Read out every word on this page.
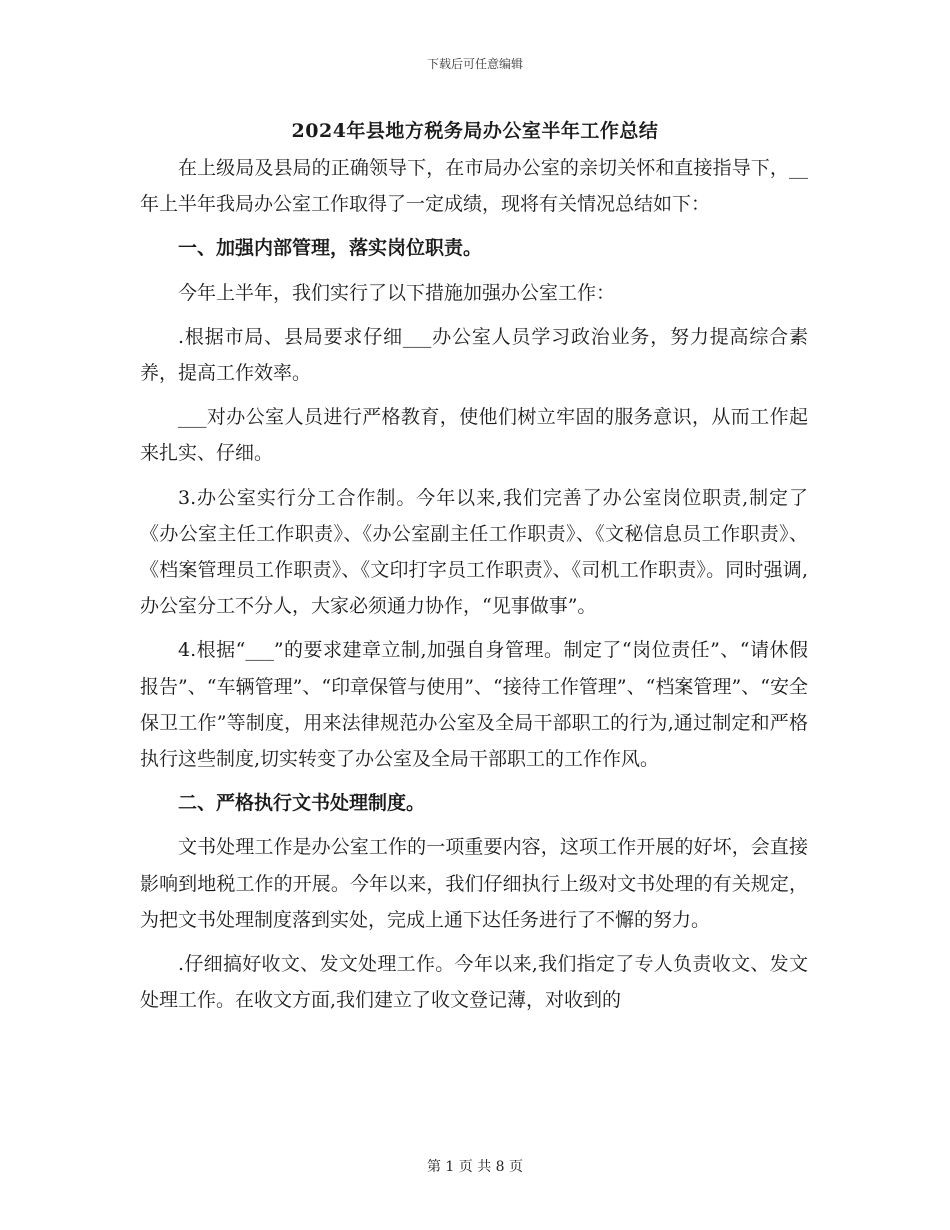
下载后可任意编辑
2024年县地方税务局办公室半年工作总结

在上级局及县局的正确领导下，在市局办公室的亲切关怀和直接指导下，__年上半年我局办公室工作取得了一定成绩，现将有关情况总结如下：

一、加强内部管理，落实岗位职责。

今年上半年，我们实行了以下措施加强办公室工作：

.根据市局、县局要求仔细___办公室人员学习政治业务，努力提高综合素养，提高工作效率。

___对办公室人员进行严格教育，使他们树立牢固的服务意识，从而工作起来扎实、仔细。

3.办公室实行分工合作制。今年以来,我们完善了办公室岗位职责,制定了《办公室主任工作职责》、《办公室副主任工作职责》、《文秘信息员工作职责》、《档案管理员工作职责》、《文印打字员工作职责》、《司机工作职责》。同时强调,办公室分工不分人，大家必须通力协作，“见事做事”。

4.根据“___”的要求建章立制,加强自身管理。制定了“岗位责任”、“请休假报告”、“车辆管理”、“印章保管与使用”、“接待工作管理”、“档案管理”、“安全保卫工作”等制度，用来法律规范办公室及全局干部职工的行为,通过制定和严格执行这些制度,切实转变了办公室及全局干部职工的工作作风。

二、严格执行文书处理制度。

文书处理工作是办公室工作的一项重要内容，这项工作开展的好坏，会直接影响到地税工作的开展。今年以来，我们仔细执行上级对文书处理的有关规定，为把文书处理制度落到实处，完成上通下达任务进行了不懈的努力。

.仔细搞好收文、发文处理工作。今年以来,我们指定了专人负责收文、发文处理工作。在收文方面,我们建立了收文登记薄，对收到的

第 1 页 共 8 页
